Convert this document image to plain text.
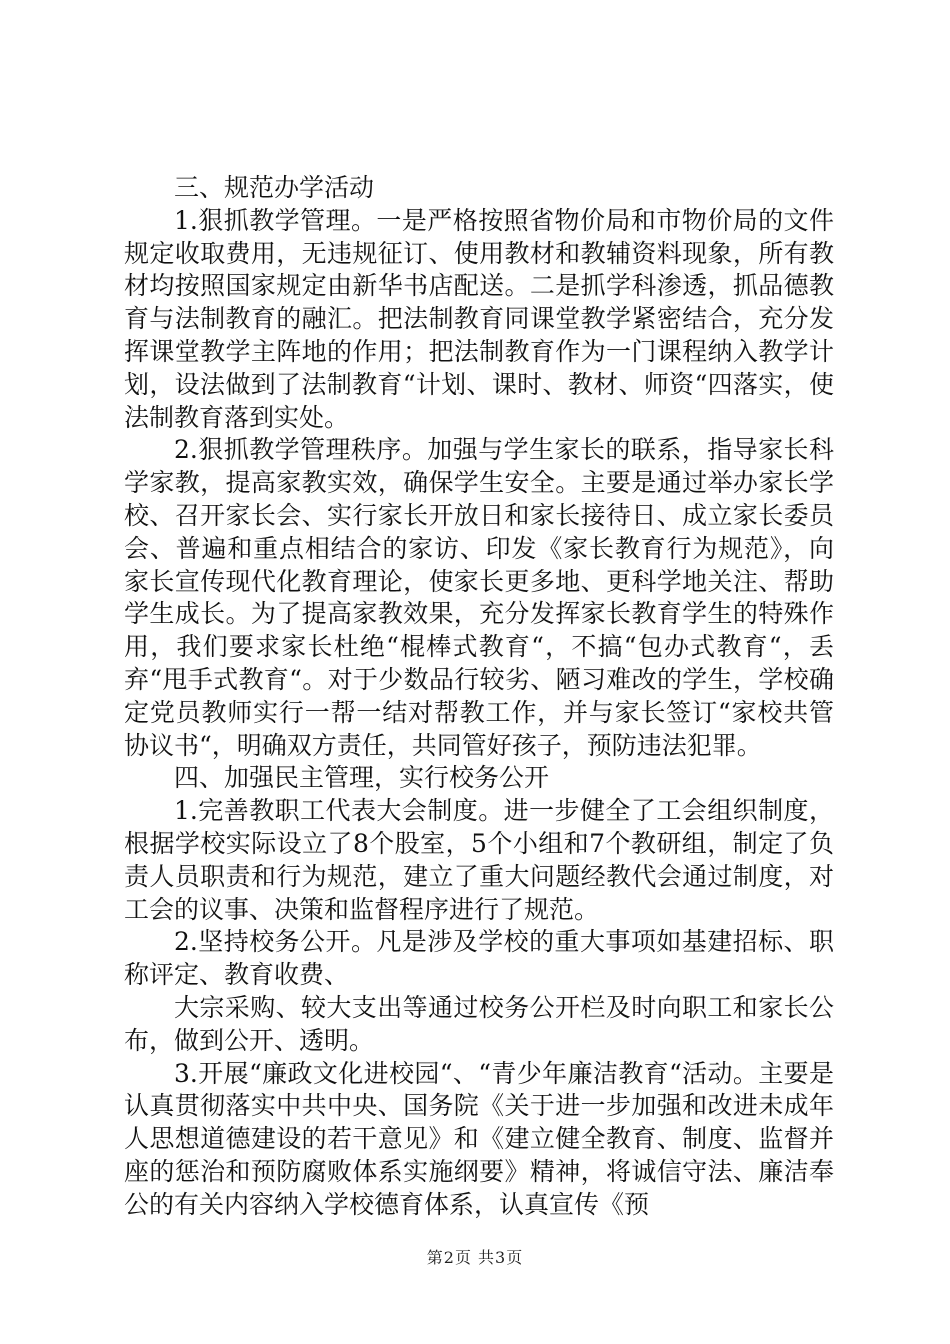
三、规范办学活动

1.狠抓教学管理。一是严格按照省物价局和市物价局的文件规定收取费用，无违规征订、使用教材和教辅资料现象，所有教材均按照国家规定由新华书店配送。二是抓学科渗透，抓品德教育与法制教育的融汇。把法制教育同课堂教学紧密结合，充分发挥课堂教学主阵地的作用；把法制教育作为一门课程纳入教学计划，设法做到了法制教育“计划、课时、教材、师资“四落实，使法制教育落到实处。

2.狠抓教学管理秩序。加强与学生家长的联系，指导家长科学家教，提高家教实效，确保学生安全。主要是通过举办家长学校、召开家长会、实行家长开放日和家长接待日、成立家长委员会、普遍和重点相结合的家访、印发《家长教育行为规范》，向家长宣传现代化教育理论，使家长更多地、更科学地关注、帮助学生成长。为了提高家教效果，充分发挥家长教育学生的特殊作用，我们要求家长杜绝“棍棒式教育“，不搞“包办式教育“，丢弃“甩手式教育“。对于少数品行较劣、陋习难改的学生，学校确定党员教师实行一帮一结对帮教工作，并与家长签订“家校共管协议书“，明确双方责任，共同管好孩子，预防违法犯罪。

四、加强民主管理，实行校务公开

1.完善教职工代表大会制度。进一步健全了工会组织制度，根据学校实际设立了8个股室，5个小组和7个教研组，制定了负责人员职责和行为规范，建立了重大问题经教代会通过制度，对工会的议事、决策和监督程序进行了规范。

2.坚持校务公开。凡是涉及学校的重大事项如基建招标、职称评定、教育收费、

大宗采购、较大支出等通过校务公开栏及时向职工和家长公布，做到公开、透明。

3.开展“廉政文化进校园“、“青少年廉洁教育“活动。主要是认真贯彻落实中共中央、国务院《关于进一步加强和改进未成年人思想道德建设的若干意见》和《建立健全教育、制度、监督并座的惩治和预防腐败体系实施纲要》精神，将诚信守法、廉洁奉公的有关内容纳入学校德育体系，认真宣传《预

第2页 共3页
